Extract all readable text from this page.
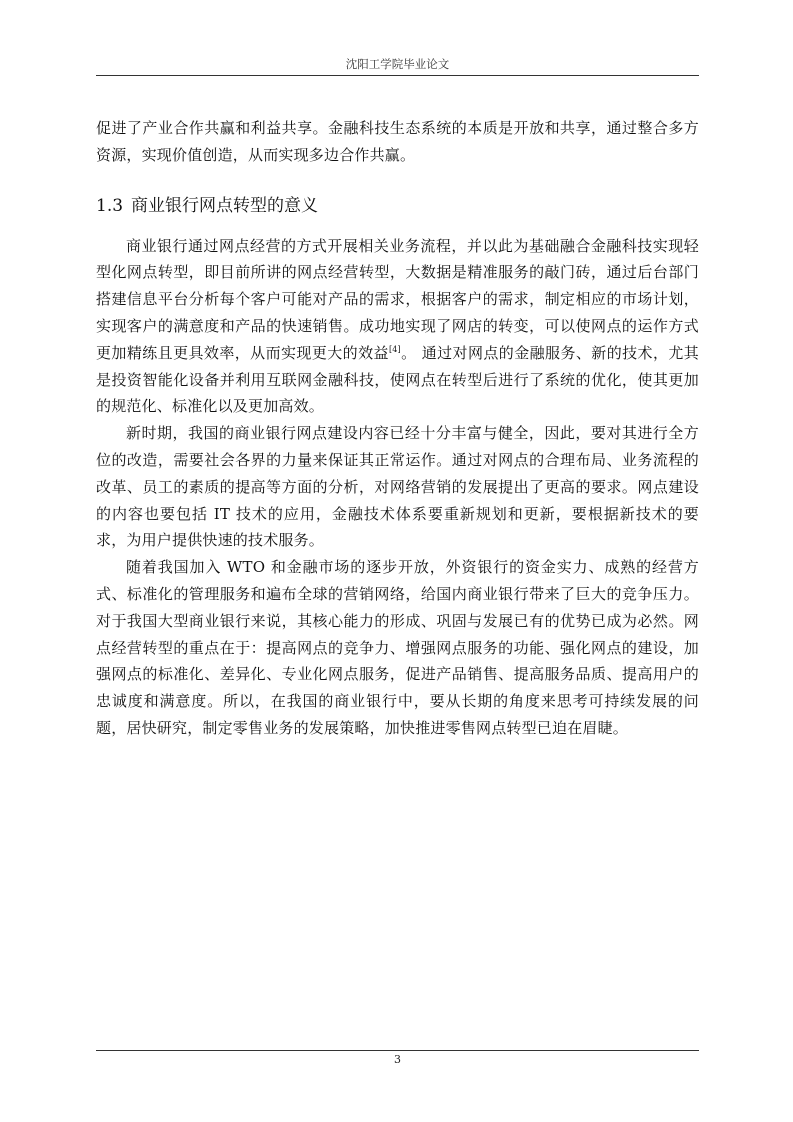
沈阳工学院毕业论文

促进了产业合作共赢和利益共享。金融科技生态系统的本质是开放和共享，通过整合多方资源，实现价值创造，从而实现多边合作共赢。

1.3 商业银行网点转型的意义

商业银行通过网点经营的方式开展相关业务流程，并以此为基础融合金融科技实现轻型化网点转型，即目前所讲的网点经营转型，大数据是精准服务的敲门砖，通过后台部门搭建信息平台分析每个客户可能对产品的需求，根据客户的需求，制定相应的市场计划，实现客户的满意度和产品的快速销售。成功地实现了网店的转变，可以使网点的运作方式更加精练且更具效率，从而实现更大的效益[4]。 通过对网点的金融服务、新的技术，尤其是投资智能化设备并利用互联网金融科技，使网点在转型后进行了系统的优化，使其更加的规范化、标准化以及更加高效。

新时期，我国的商业银行网点建设内容已经十分丰富与健全，因此，要对其进行全方位的改造，需要社会各界的力量来保证其正常运作。通过对网点的合理布局、业务流程的改革、员工的素质的提高等方面的分析，对网络营销的发展提出了更高的要求。网点建设的内容也要包括 IT 技术的应用，金融技术体系要重新规划和更新，要根据新技术的要求，为用户提供快速的技术服务。

随着我国加入 WTO 和金融市场的逐步开放，外资银行的资金实力、成熟的经营方式、标准化的管理服务和遍布全球的营销网络，给国内商业银行带来了巨大的竞争压力。对于我国大型商业银行来说，其核心能力的形成、巩固与发展已有的优势已成为必然。网点经营转型的重点在于：提高网点的竞争力、增强网点服务的功能、强化网点的建设，加强网点的标准化、差异化、专业化网点服务，促进产品销售、提高服务品质、提高用户的忠诚度和满意度。所以，在我国的商业银行中，要从长期的角度来思考可持续发展的问题，居快研究，制定零售业务的发展策略，加快推进零售网点转型已迫在眉睫。

3
